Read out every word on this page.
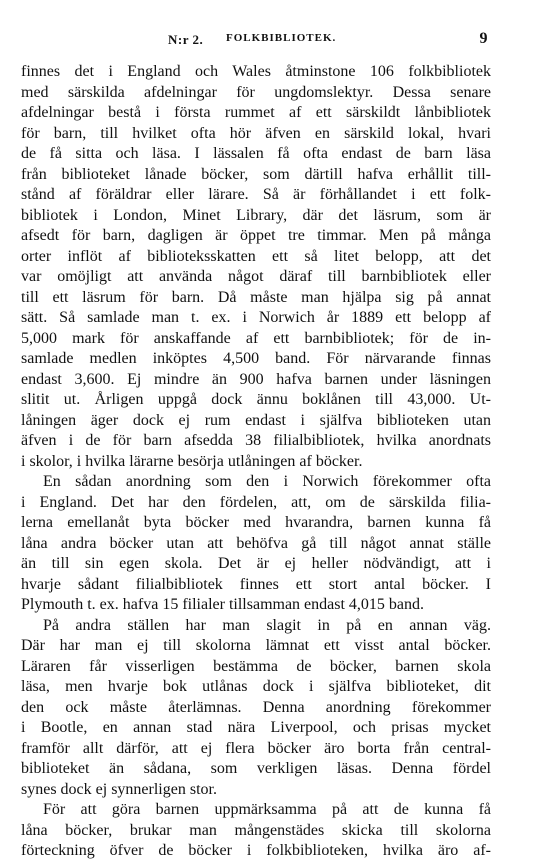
N:r 2. FOLKBIBLIOTEK.	9
finnes det i England och Wales åtminstone 106 folkbibliotek
med särskilda afdelningar för ungdomslektyr. Dessa senare
afdelningar bestå i första rummet af ett särskildt lånbibliotek
för barn, till hvilket ofta hör äfven en särskild lokal, hvari
de få sitta och läsa. I lässalen få ofta endast de barn läsa
från biblioteket lånade böcker, som därtill hafva erhållit till-
stånd af föräldrar eller lärare. Så är förhållandet i ett folk-
bibliotek i London, Minet Library, där det läsrum, som är
afsedt för barn, dagligen är öppet tre timmar. Men på många
orter inflöt af biblioteksskatten ett så litet belopp, att det
var omöjligt att använda något däraf till barnbibliotek eller
till ett läsrum för barn. Då måste man hjälpa sig på annat
sätt. Så samlade man t. ex. i Norwich år 1889 ett belopp af
5,000 mark för anskaffande af ett barnbibliotek; för de in-
samlade medlen inköptes 4,500 band. För närvarande finnas
endast 3,600. Ej mindre än 900 hafva barnen under läsningen
slitit ut. Årligen uppgå dock ännu boklånen till 43,000. Ut-
låningen äger dock ej rum endast i själfva biblioteken utan
äfven i de för barn afsedda 38 filialbibliotek, hvilka anordnats
i skolor, i hvilka lärarne besörja utlåningen af böcker.
En sådan anordning som den i Norwich förekommer ofta
i England. Det har den fördelen, att, om de särskilda filia-
lerna emellanåt byta böcker med hvarandra, barnen kunna få
låna andra böcker utan att behöfva gå till något annat ställe
än till sin egen skola. Det är ej heller nödvändigt, att i
hvarje sådant filialbibliotek finnes ett stort antal böcker. I
Plymouth t. ex. hafva 15 filialer tillsamman endast 4,015 band.
På andra ställen har man slagit in på en annan väg.
Där har man ej till skolorna lämnat ett visst antal böcker.
Läraren får visserligen bestämma de böcker, barnen skola
läsa, men hvarje bok utlånas dock i själfva biblioteket, dit
den ock måste återlämnas. Denna anordning förekommer
i Bootle, en annan stad nära Liverpool, och prisas mycket
framför allt därför, att ej flera böcker äro borta från central-
biblioteket än sådana, som verkligen läsas. Denna fördel
synes dock ej synnerligen stor.
För att göra barnen uppmärksamma på att de kunna få
låna böcker, brukar man mångenstädes skicka till skolorna
förteckning öfver de böcker i folkbiblioteken, hvilka äro af-
